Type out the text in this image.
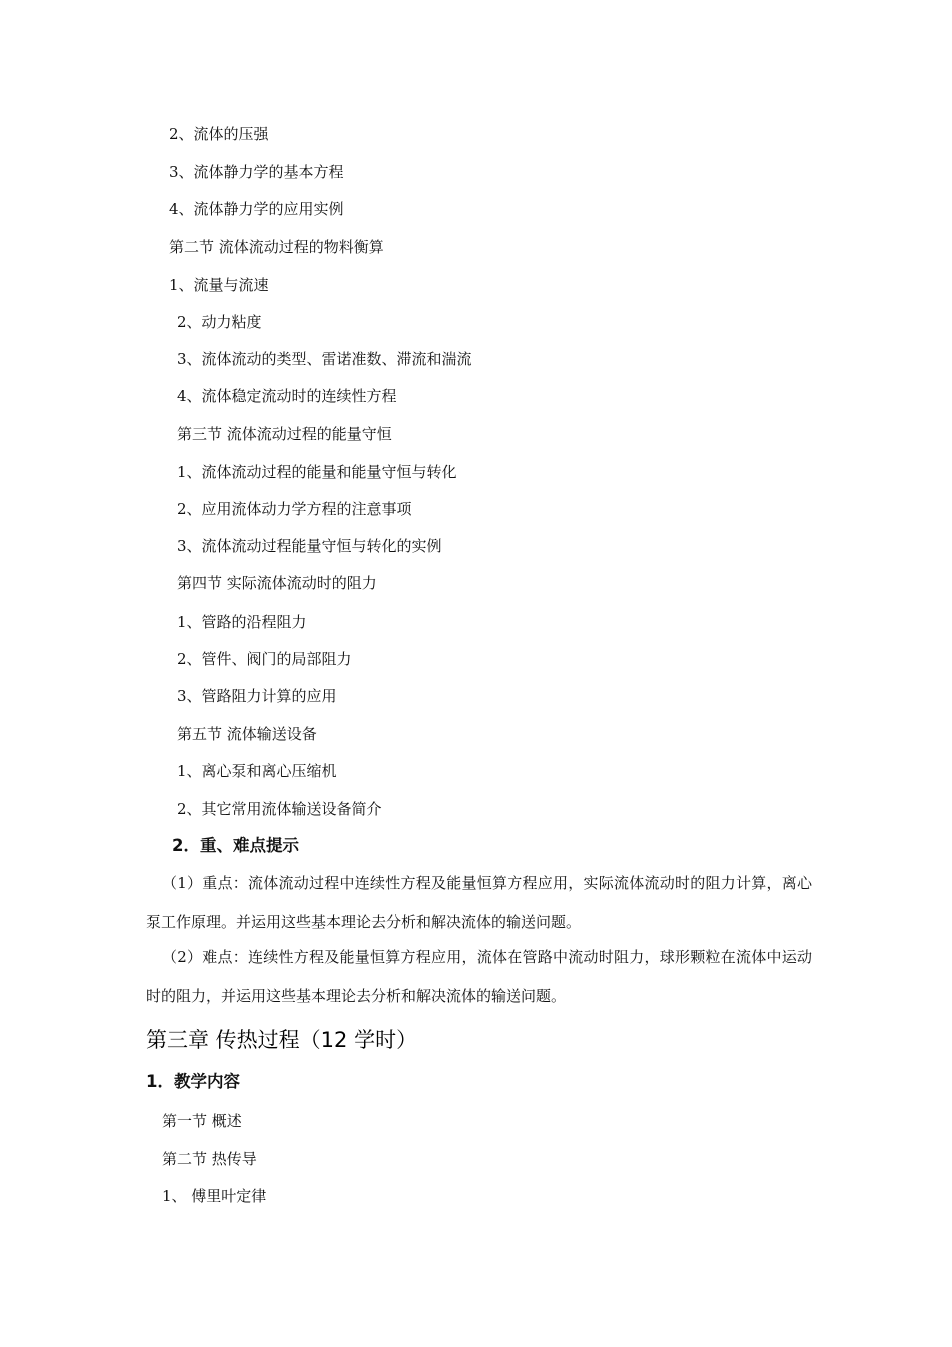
2、流体的压强
3、流体静力学的基本方程
4、流体静力学的应用实例
第二节 流体流动过程的物料衡算
1、流量与流速
2、动力粘度
3、流体流动的类型、雷诺准数、滞流和湍流
4、流体稳定流动时的连续性方程
第三节 流体流动过程的能量守恒
1、流体流动过程的能量和能量守恒与转化
2、应用流体动力学方程的注意事项
3、流体流动过程能量守恒与转化的实例
第四节 实际流体流动时的阻力
1、管路的沿程阻力
2、管件、阀门的局部阻力
3、管路阻力计算的应用
第五节 流体输送设备
1、离心泵和离心压缩机
2、其它常用流体输送设备简介
2．重、难点提示
（1）重点：流体流动过程中连续性方程及能量恒算方程应用，实际流体流动时的阻力计算，离心泵工作原理。并运用这些基本理论去分析和解决流体的输送问题。
（2）难点：连续性方程及能量恒算方程应用，流体在管路中流动时阻力，球形颗粒在流体中运动时的阻力，并运用这些基本理论去分析和解决流体的输送问题。
第三章 传热过程（12 学时）
1．教学内容
第一节 概述
第二节 热传导
1、 傅里叶定律
